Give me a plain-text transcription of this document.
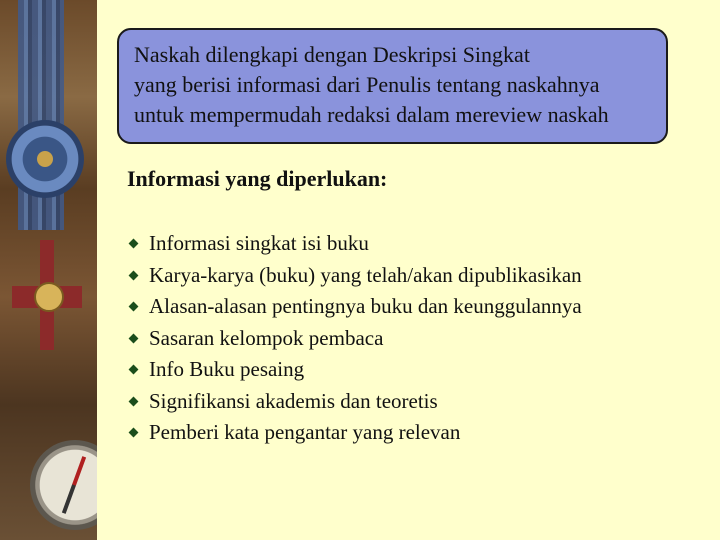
Naskah dilengkapi dengan Deskripsi Singkat
yang berisi informasi dari Penulis tentang naskahnya
untuk mempermudah redaksi dalam mereview naskah
Informasi yang diperlukan:
Informasi singkat isi buku
Karya-karya (buku) yang telah/akan dipublikasikan
Alasan-alasan pentingnya buku dan keunggulannya
Sasaran kelompok pembaca
Info Buku pesaing
Signifikansi akademis dan teoretis
Pemberi kata pengantar yang relevan
